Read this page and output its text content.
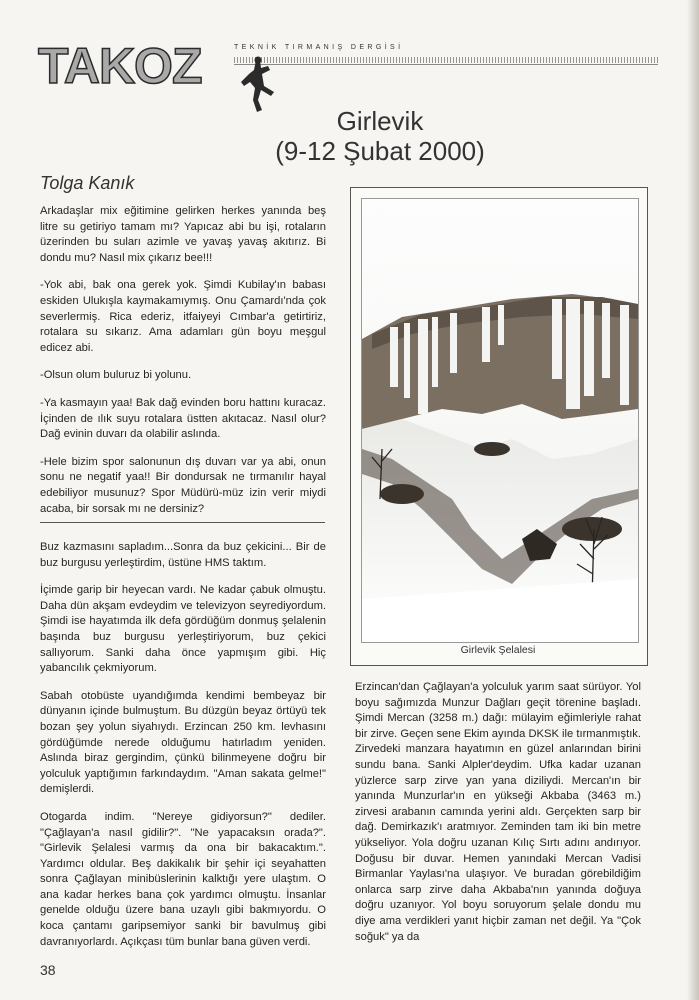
TAKOZ	TEKNİK TIRMANIŞ DERGİSİ
Girlevik
(9-12 Şubat 2000)
Tolga Kanık

Arkadaşlar mix eğitimine gelirken herkes yanında beş litre su getiriyo tamam mı? Yapıcaz abi bu işi, rotaların üzerinden bu suları azimle ve yavaş yavaş akıtırız. Bi dondu mu? Nasıl mix çıkarız bee!!!

-Yok abi, bak ona gerek yok. Şimdi Kubilay'ın babası eskiden Ulukışla kaymakamıymış. Onu Çamardı'nda çok severlermiş. Rica ederiz, itfaiyeyi Cımbar'a getirtiriz, rotalara su sıkarız. Ama adamları gün boyu meşgul edicez abi.

-Olsun olum buluruz bi yolunu.

-Ya kasmayın yaa! Bak dağ evinden boru hattını kuracaz. İçinden de ılık suyu rotalara üstten akıtacaz. Nasıl olur? Dağ evinin duvarı da olabilir aslında.

-Hele bizim spor salonunun dış duvarı var ya abi, onun sonu ne negatif yaa!! Bir dondursak ne tırmanılır hayal edebiliyor musunuz? Spor Müdürü-müz izin verir miydi acaba, bir sorsak mı ne dersiniz?

Buz kazmasını sapladım...Sonra da buz çekicini... Bir de buz burgusu yerleştirdim, üstüne HMS taktım.

İçimde garip bir heyecan vardı. Ne kadar çabuk olmuştu. Daha dün akşam evdeydim ve televizyon seyrediyordum. Şimdi ise hayatımda ilk defa gördüğüm donmuş şelalenin başında buz burgusu yerleştiriyorum, buz çekici sallıyorum. Sanki daha önce yapmışım gibi. Hiç yabancılık çekmiyorum.

Sabah otobüste uyandığımda kendimi bembeyaz bir dünyanın içinde bulmuştum. Bu düzgün beyaz örtüyü tek bozan şey yolun siyahıydı. Erzincan 250 km. levhasını gördüğümde nerede olduğumu hatırladım yeniden. Aslında biraz gergindim, çünkü bilinmeyene doğru bir yolculuk yaptığımın farkındaydım. "Aman sakata gelme!" demişlerdi.

Otogarda indim. "Nereye gidiyorsun?" dediler. "Çağlayan'a nasıl gidilir?". "Ne yapacaksın orada?". "Girlevik Şelalesi varmış da ona bir bakacaktım.". Yardımcı oldular. Beş dakikalık bir şehir içi seyahatten sonra Çağlayan minibüslerinin kalktığı yere ulaştım. O ana kadar herkes bana çok yardımcı olmuştu. İnsanlar genelde olduğu üzere bana uzaylı gibi bakmıyordu. O koca çantamı garipsemiyor sanki bir bavulmuş gibi davranıyorlardı. Açıkçası tüm bunlar bana güven verdi.

Girlevik Şelalesi

Erzincan'dan Çağlayan'a yolculuk yarım saat sürüyor. Yol boyu sağımızda Munzur Dağları geçit törenine başladı. Şimdi Mercan (3258 m.) dağı: mülayim eğimleriyle rahat bir zirve. Geçen sene Ekim ayında DKSK ile tırmanmıştık. Zirvedeki manzara hayatımın en güzel anlarından birini sundu bana. Sanki Alpler'deydim. Ufka kadar uzanan yüzlerce sarp zirve yan yana diziliydi. Mercan'ın bir yanında Munzurlar'ın en yükseği Akbaba (3463 m.) zirvesi arabanın camında yerini aldı. Gerçekten sarp bir dağ. Demirkazık'ı aratmıyor. Zeminden tam iki bin metre yükseliyor. Yola doğru uzanan Kılıç Sırtı adını andırıyor. Doğusu bir duvar. Hemen yanındaki Mercan Vadisi Birmanlar Yaylası'na ulaşıyor. Ve buradan görebildiğim onlarca sarp zirve daha Akbaba'nın yanında doğuya doğru uzanıyor. Yol boyu soruyorum şelale dondu mu diye ama verdikleri yanıt hiçbir zaman net değil. Ya "Çok soğuk" ya da

38
